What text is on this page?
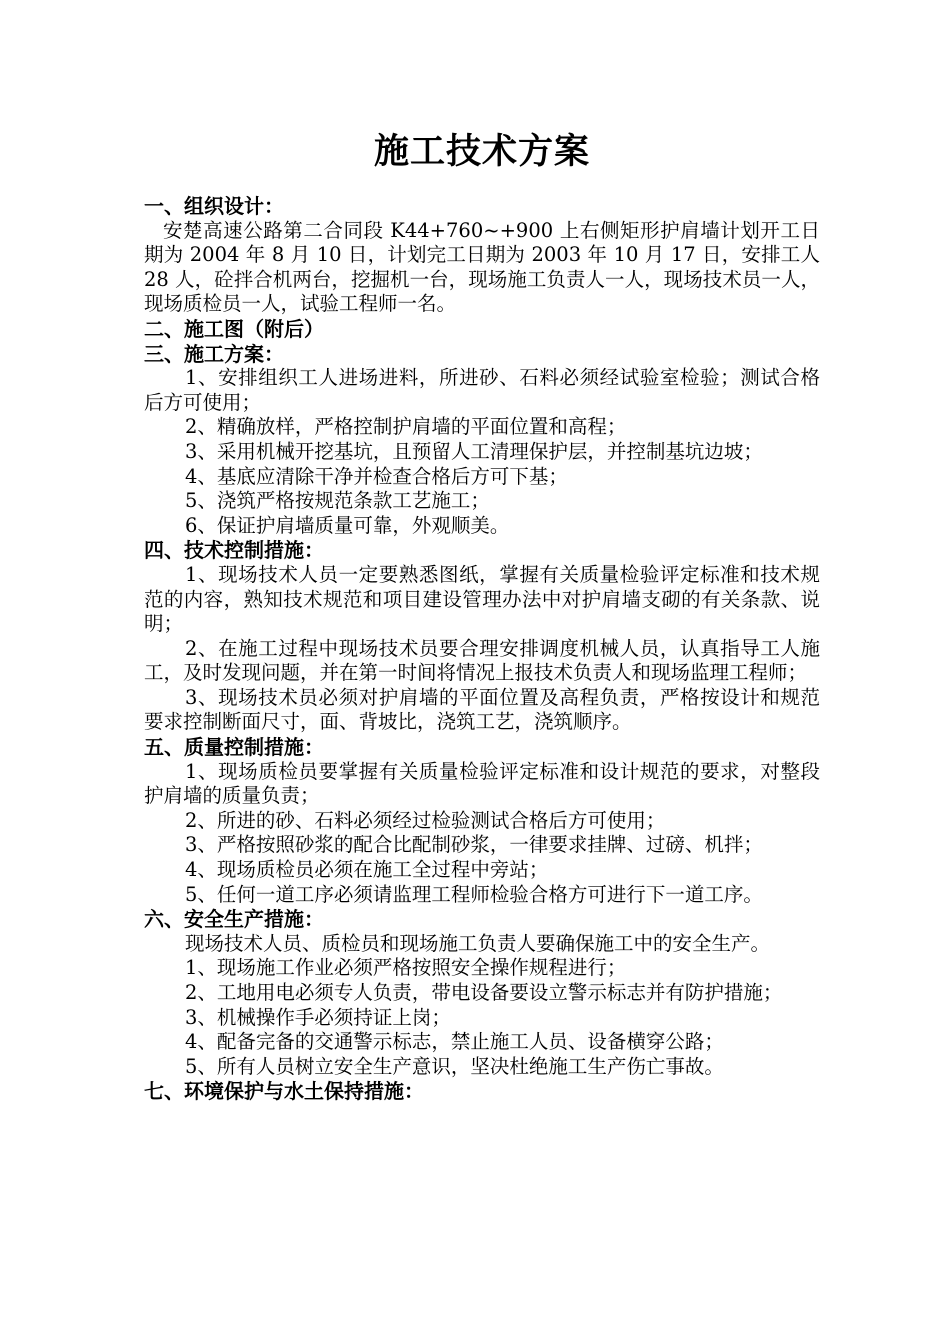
施工技术方案

一、组织设计：

安楚高速公路第二合同段 K44+760~+900 上右侧矩形护肩墙计划开工日期为 2004 年 8 月 10 日，计划完工日期为 2003 年 10 月 17 日，安排工人 28 人，砼拌合机两台，挖掘机一台，现场施工负责人一人，现场技术员一人，现场质检员一人，试验工程师一名。

二、施工图（附后）

三、施工方案：

1、安排组织工人进场进料，所进砂、石料必须经试验室检验；测试合格后方可使用；

2、精确放样，严格控制护肩墙的平面位置和高程；

3、采用机械开挖基坑，且预留人工清理保护层，并控制基坑边坡；

4、基底应清除干净并检查合格后方可下基；

5、浇筑严格按规范条款工艺施工；

6、保证护肩墙质量可靠，外观顺美。

四、技术控制措施：

1、现场技术人员一定要熟悉图纸，掌握有关质量检验评定标准和技术规范的内容，熟知技术规范和项目建设管理办法中对护肩墙支砌的有关条款、说明；

2、在施工过程中现场技术员要合理安排调度机械人员，认真指导工人施工，及时发现问题，并在第一时间将情况上报技术负责人和现场监理工程师；

3、现场技术员必须对护肩墙的平面位置及高程负责，严格按设计和规范要求控制断面尺寸，面、背坡比，浇筑工艺，浇筑顺序。

五、质量控制措施：

1、现场质检员要掌握有关质量检验评定标准和设计规范的要求，对整段护肩墙的质量负责；

2、所进的砂、石料必须经过检验测试合格后方可使用；

3、严格按照砂浆的配合比配制砂浆，一律要求挂牌、过磅、机拌；

4、现场质检员必须在施工全过程中旁站；

5、任何一道工序必须请监理工程师检验合格方可进行下一道工序。

六、安全生产措施：

现场技术人员、质检员和现场施工负责人要确保施工中的安全生产。

1、现场施工作业必须严格按照安全操作规程进行；

2、工地用电必须专人负责，带电设备要设立警示标志并有防护措施；

3、机械操作手必须持证上岗；

4、配备完备的交通警示标志，禁止施工人员、设备横穿公路；

5、所有人员树立安全生产意识，坚决杜绝施工生产伤亡事故。

七、环境保护与水土保持措施：
